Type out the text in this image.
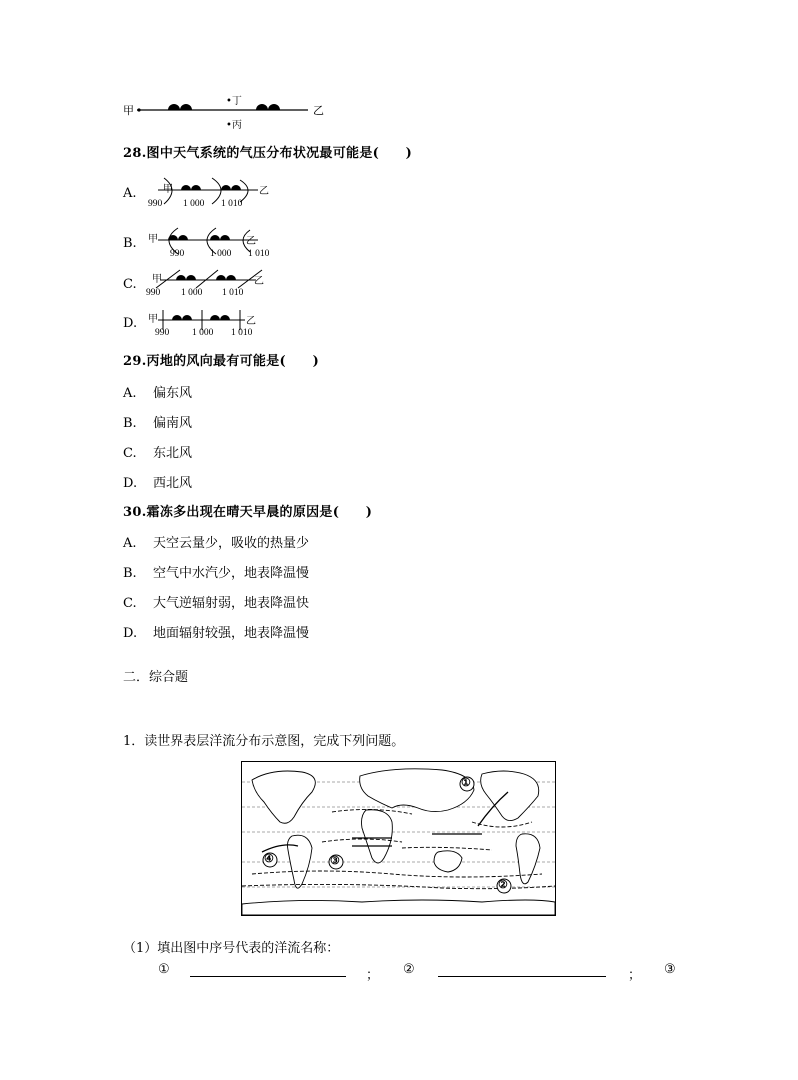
甲	乙
•丁
•丙
28.图中天气系统的气压分布状况最可能是(　　)
A.	甲	乙
990 1 000 1 010
B. 甲	乙
990	1 000 1 010
C. 甲	乙
990 1 000 1 010
D. 甲	乙
990 1 000 1 010
29.丙地的风向最有可能是(　　)
A. 偏东风
B. 偏南风
C. 东北风
D. 西北风
30.霜冻多出现在晴天早晨的原因是(　　)
A. 天空云量少，吸收的热量少
B. 空气中水汽少，地表降温慢
C. 大气逆辐射弱，地表降温快
D. 地面辐射较强，地表降温慢
二．综合题
1．读世界表层洋流分布示意图，完成下列问题。
①
②
③
④
（1）填出图中序号代表的洋流名称：
①	； ②	； ③
